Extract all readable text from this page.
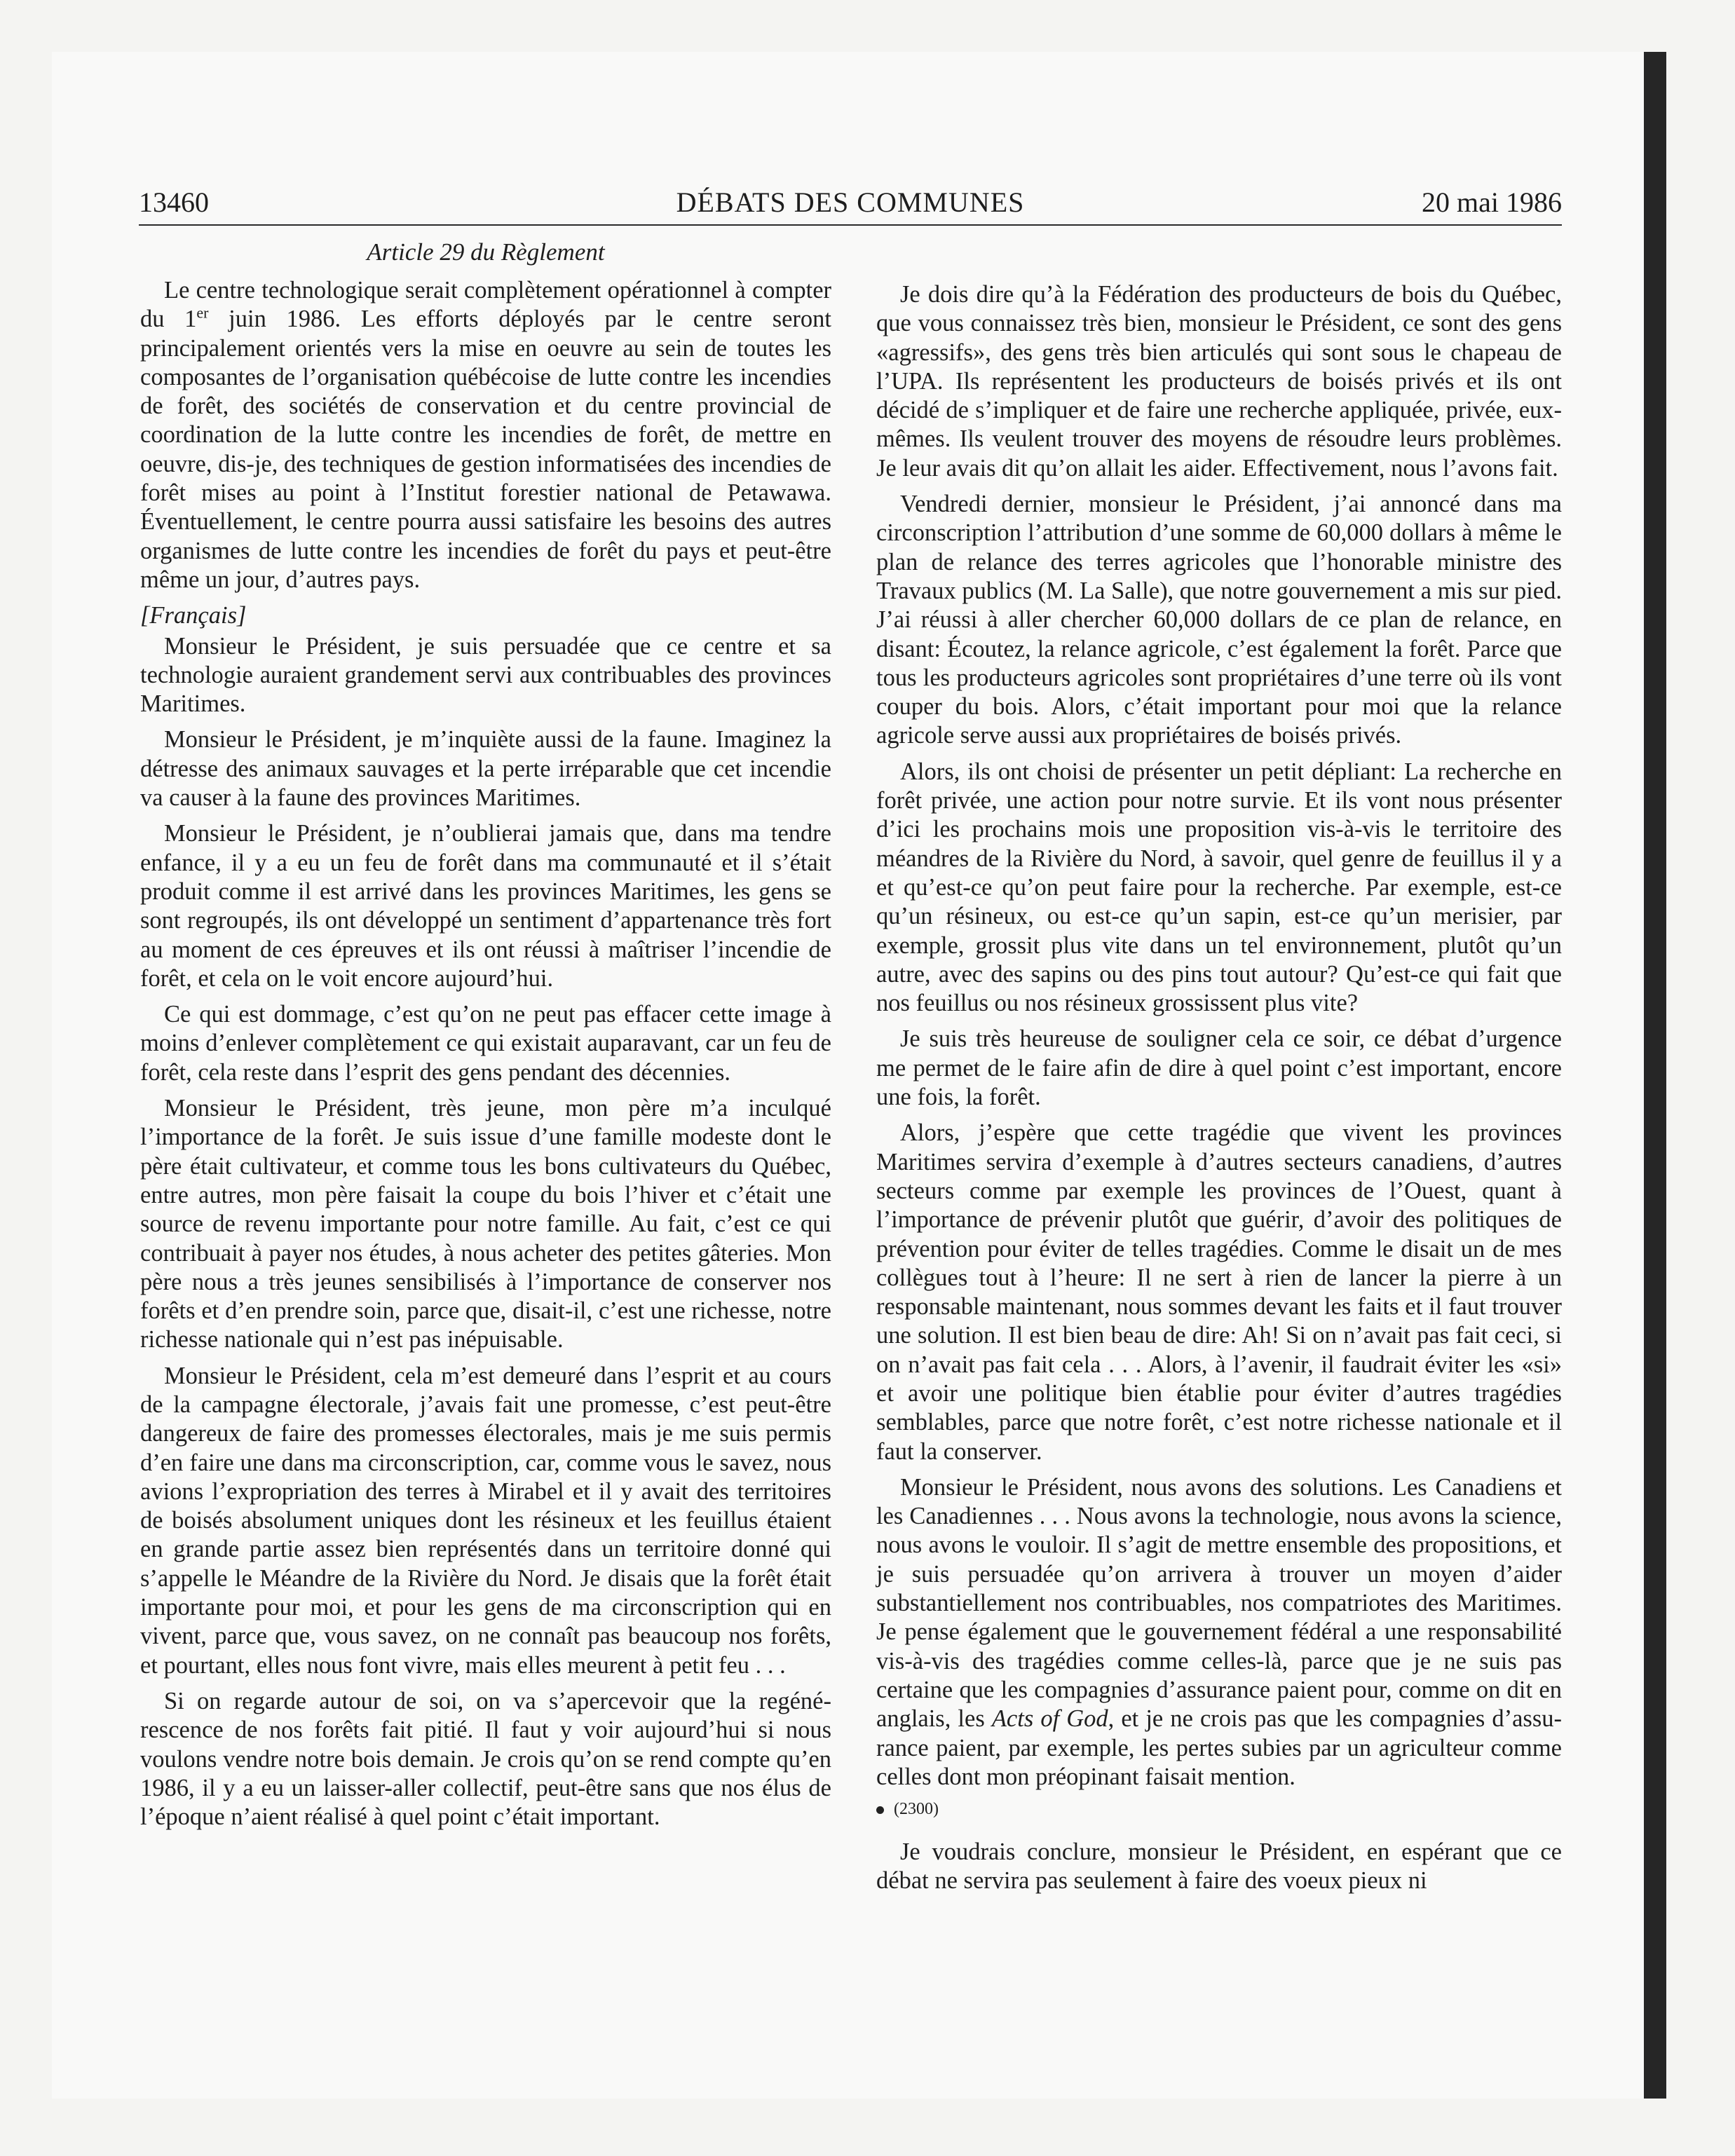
13460	DÉBATS DES COMMUNES	20 mai 1986
Article 29 du Règlement

Le centre technologique serait complètement opérationnel à compter du 1er juin 1986. Les efforts déployés par le centre seront principalement orientés vers la mise en oeuvre au sein de toutes les composantes de l’organisation québécoise de lutte contre les incendies de forêt, des sociétés de conservation et du centre provincial de coordination de la lutte contre les incendies de forêt, de mettre en oeuvre, dis-je, des techniques de gestion informatisées des incendies de forêt mises au point à l’Institut forestier national de Petawawa. Éventuellement, le centre pourra aussi satisfaire les besoins des autres organismes de lutte contre les incendies de forêt du pays et peut-être même un jour, d’autres pays.

[Français]

Monsieur le Président, je suis persuadée que ce centre et sa technologie auraient grandement servi aux contribuables des provinces Maritimes.

Monsieur le Président, je m’inquiète aussi de la faune. Imaginez la détresse des animaux sauvages et la perte irréparable que cet incendie va causer à la faune des provinces Maritimes.

Monsieur le Président, je n’oublierai jamais que, dans ma tendre enfance, il y a eu un feu de forêt dans ma communauté et il s’était produit comme il est arrivé dans les provinces Maritimes, les gens se sont regroupés, ils ont développé un sentiment d’appartenance très fort au moment de ces épreuves et ils ont réussi à maîtriser l’incendie de forêt, et cela on le voit encore aujourd’hui.

Ce qui est dommage, c’est qu’on ne peut pas effacer cette image à moins d’enlever complètement ce qui existait auparavant, car un feu de forêt, cela reste dans l’esprit des gens pendant des décennies.

Monsieur le Président, très jeune, mon père m’a inculqué l’importance de la forêt. Je suis issue d’une famille modeste dont le père était cultivateur, et comme tous les bons cultivateurs du Québec, entre autres, mon père faisait la coupe du bois l’hiver et c’était une source de revenu importante pour notre famille. Au fait, c’est ce qui contribuait à payer nos études, à nous acheter des petites gâteries. Mon père nous a très jeunes sensibilisés à l’importance de conserver nos forêts et d’en prendre soin, parce que, disait-il, c’est une richesse, notre richesse nationale qui n’est pas inépuisable.

Monsieur le Président, cela m’est demeuré dans l’esprit et au cours de la campagne électorale, j’avais fait une promesse, c’est peut-être dangereux de faire des promesses électorales, mais je me suis permis d’en faire une dans ma circonscription, car, comme vous le savez, nous avions l’expropriation des terres à Mirabel et il y avait des territoires de boisés absolument uniques dont les résineux et les feuillus étaient en grande partie assez bien représentés dans un territoire donné qui s’appelle le Méandre de la Rivière du Nord. Je disais que la forêt était importante pour moi, et pour les gens de ma circonscription qui en vivent, parce que, vous savez, on ne connaît pas beaucoup nos forêts, et pourtant, elles nous font vivre, mais elles meurent à petit feu . . .

Si on regarde autour de soi, on va s’apercevoir que la regénérescence de nos forêts fait pitié. Il faut y voir aujourd’hui si nous voulons vendre notre bois demain. Je crois qu’on se rend compte qu’en 1986, il y a eu un laisser-aller collectif, peut-être sans que nos élus de l’époque n’aient réalisé à quel point c’était important.

Je dois dire qu’à la Fédération des producteurs de bois du Québec, que vous connaissez très bien, monsieur le Président, ce sont des gens «agressifs», des gens très bien articulés qui sont sous le chapeau de l’UPA. Ils représentent les producteurs de boisés privés et ils ont décidé de s’impliquer et de faire une recherche appliquée, privée, eux-mêmes. Ils veulent trouver des moyens de résoudre leurs problèmes. Je leur avais dit qu’on allait les aider. Effectivement, nous l’avons fait.

Vendredi dernier, monsieur le Président, j’ai annoncé dans ma circonscription l’attribution d’une somme de 60,000 dollars à même le plan de relance des terres agricoles que l’honorable ministre des Travaux publics (M. La Salle), que notre gouvernement a mis sur pied. J’ai réussi à aller chercher 60,000 dollars de ce plan de relance, en disant: Écoutez, la relance agricole, c’est également la forêt. Parce que tous les producteurs agricoles sont propriétaires d’une terre où ils vont couper du bois. Alors, c’était important pour moi que la relance agricole serve aussi aux propriétaires de boisés privés.

Alors, ils ont choisi de présenter un petit dépliant: La recherche en forêt privée, une action pour notre survie. Et ils vont nous présenter d’ici les prochains mois une proposition vis-à-vis le territoire des méandres de la Rivière du Nord, à savoir, quel genre de feuillus il y a et qu’est-ce qu’on peut faire pour la recherche. Par exemple, est-ce qu’un résineux, ou est-ce qu’un sapin, est-ce qu’un merisier, par exemple, grossit plus vite dans un tel environnement, plutôt qu’un autre, avec des sapins ou des pins tout autour? Qu’est-ce qui fait que nos feuillus ou nos résineux grossissent plus vite?

Je suis très heureuse de souligner cela ce soir, ce débat d’urgence me permet de le faire afin de dire à quel point c’est important, encore une fois, la forêt.

Alors, j’espère que cette tragédie que vivent les provinces Maritimes servira d’exemple à d’autres secteurs canadiens, d’autres secteurs comme par exemple les provinces de l’Ouest, quant à l’importance de prévenir plutôt que guérir, d’avoir des politiques de prévention pour éviter de telles tragédies. Comme le disait un de mes collègues tout à l’heure: Il ne sert à rien de lancer la pierre à un responsable maintenant, nous sommes devant les faits et il faut trouver une solution. Il est bien beau de dire: Ah! Si on n’avait pas fait ceci, si on n’avait pas fait cela . . . Alors, à l’avenir, il faudrait éviter les «si» et avoir une politique bien établie pour éviter d’autres tragédies semblables, parce que notre forêt, c’est notre richesse nationale et il faut la conserver.

Monsieur le Président, nous avons des solutions. Les Canadiens et les Canadiennes . . . Nous avons la technologie, nous avons la science, nous avons le vouloir. Il s’agit de mettre ensemble des propositions, et je suis persuadée qu’on arrivera à trouver un moyen d’aider substantiellement nos contribuables, nos compatriotes des Maritimes. Je pense également que le gouvernement fédéral a une responsabilité vis-à-vis des tragédies comme celles-là, parce que je ne suis pas certaine que les compagnies d’assurance paient pour, comme on dit en anglais, les Acts of God, et je ne crois pas que les compagnies d’assurance paient, par exemple, les pertes subies par un agriculteur comme celles dont mon préopinant faisait mention.

(2300)

Je voudrais conclure, monsieur le Président, en espérant que ce débat ne servira pas seulement à faire des voeux pieux ni
